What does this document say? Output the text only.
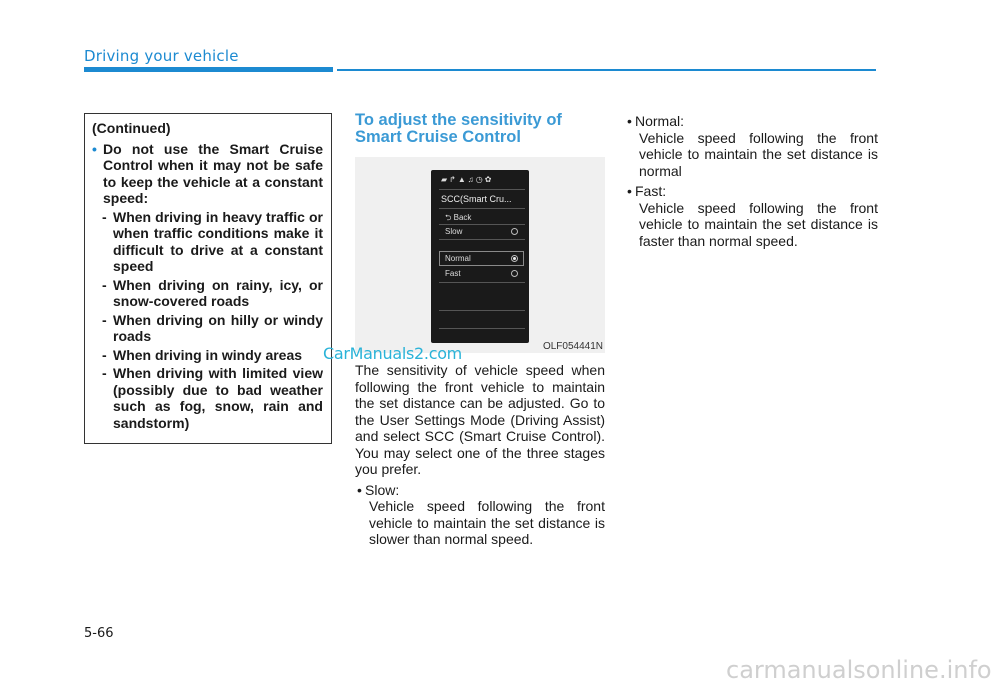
Driving your vehicle
(Continued)
• Do not use the Smart Cruise Control when it may not be safe to keep the vehicle at a constant speed:
- When driving in heavy traffic or when traffic conditions make it difficult to drive at a constant speed
- When driving on rainy, icy, or snow-covered roads
- When driving on hilly or windy roads
- When driving in windy areas
- When driving with limited view (possibly due to bad weather such as fog, snow, rain and sandstorm)
To adjust the sensitivity of Smart Cruise Control
▰↱▲♫◷✿
SCC(Smart Cru...
⮌ Back
Slow
Normal
Fast
OLF054441N
CarManuals2.com
The sensitivity of vehicle speed when following the front vehicle to maintain the set distance can be adjusted. Go to the User Settings Mode (Driving Assist) and select SCC (Smart Cruise Control). You may select one of the three stages you prefer.
• Slow:
Vehicle speed following the front vehicle to maintain the set distance is slower than normal speed.
• Normal:
Vehicle speed following the front vehicle to maintain the set distance is normal
• Fast:
Vehicle speed following the front vehicle to maintain the set distance is faster than normal speed.
5-66
carmanualsonline.info
